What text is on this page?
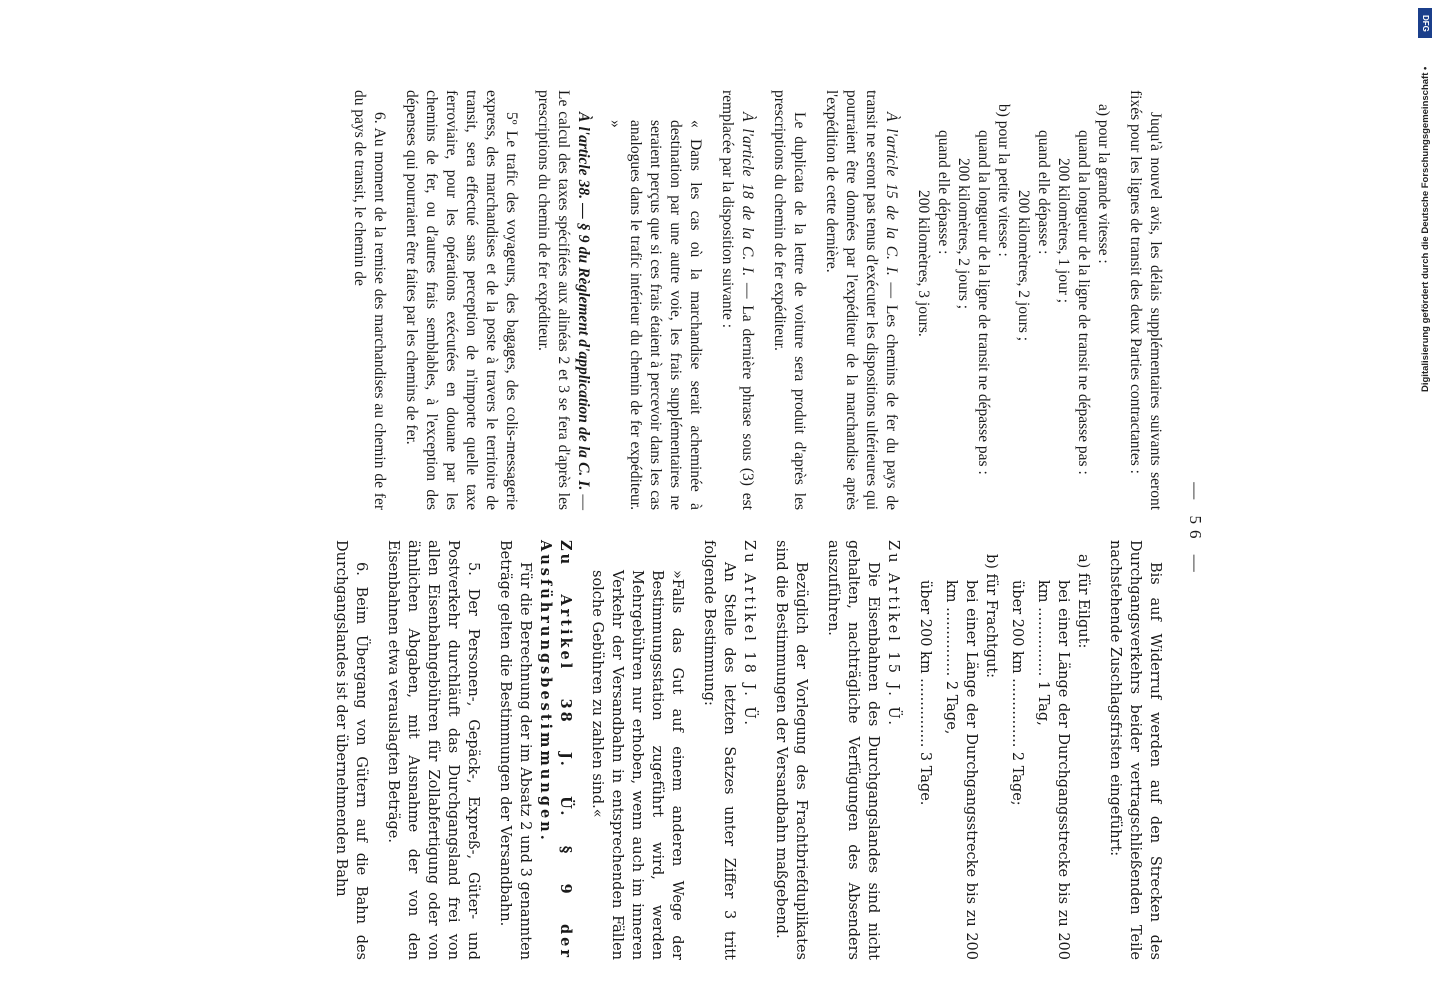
— 56 —

Juqu'à nouvel avis, les délais supplémentaires suivants seront fixés pour les lignes de transit des deux Parties contractantes :

a) pour la grande vitesse :
quand la longueur de la ligne de transit ne dépasse pas :
200 kilomètres, 1 jour ;
quand elle dépasse :
200 kilomètres, 2 jours ;
b) pour la petite vitesse :
quand la longueur de la ligne de transit ne dépasse pas :
200 kilomètres, 2 jours ;
quand elle dépasse :
200 kilomètres, 3 jours.

À l'article 15 de la C. I. — Les chemins de fer du pays de transit ne seront pas tenus d'exécuter les dispositions ultérieures qui pourraient être données par l'expéditeur de la marchandise après l'expédition de cette dernière.

Le duplicata de la lettre de voiture sera produit d'après les prescriptions du chemin de fer expéditeur.

À l'article 18 de la C. I. — La dernière phrase sous (3) est remplacée par la disposition suivante :

« Dans les cas où la marchandise serait acheminée à destination par une autre voie, les frais supplémentaires ne seraient perçus que si ces frais étaient à percevoir dans les cas analogues dans le trafic intérieur du chemin de fer expéditeur. »

À l'article 38. — § 9 du Règlement d'application de la C. I. — Le calcul des taxes spécifiées aux alinéas 2 et 3 se fera d'après les prescriptions du chemin de fer expéditeur.

5º Le trafic des voyageurs, des bagages, des colis-messagerie express, des marchandises et de la poste à travers le territoire de transit, sera effectué sans perception de n'importe quelle taxe ferroviaire, pour les opérations exécutées en douane par les chemins de fer, ou d'autres frais semblables, à l'exception des dépenses qui pourraient être faites par les chemins de fer.

6. Au moment de la remise des marchandises au chemin de fer du pays de transit, le chemin de

Bis auf Widerruf werden auf den Strecken des Durchgangsverkehrs beider vertragschließenden Teile nachstehende Zuschlagsfristen eingeführt:

a) für Eilgut:
bei einer Länge der Durchgangsstrecke bis zu 200 km ............... 1 Tag,
über 200 km ............... 2 Tage;
b) für Frachtgut:
bei einer Länge der Durchgangsstrecke bis zu 200 km ............... 2 Tage,
über 200 km ............... 3 Tage.

Zu Artikel 15 J. Ü.

Die Eisenbahnen des Durchgangslandes sind nicht gehalten, nachträgliche Verfügungen des Absenders auszuführen.

Bezüglich der Vorlegung des Frachtbriefduplikates sind die Bestimmungen der Versandbahn maßgebend.

Zu Artikel 18 J. Ü.

An Stelle des letzten Satzes unter Ziffer 3 tritt folgende Bestimmung:

»Falls das Gut auf einem anderen Wege der Bestimmungsstation zugeführt wird, werden Mehrgebühren nur erhoben, wenn auch im inneren Verkehr der Versandbahn in entsprechenden Fällen solche Gebühren zu zahlen sind.«

Zu Artikel 38 J. Ü. § 9 der Ausführungsbestimmungen.

Für die Berechnung der im Absatz 2 und 3 genannten Beträge gelten die Bestimmungen der Versandbahn.

5. Der Personen-, Gepäck-, Expreß-, Güter- und Postverkehr durchläuft das Durchgangsland frei von allen Eisenbahngebühren für Zollabfertigung oder von ähnlichen Abgaben, mit Ausnahme der von den Eisenbahnen etwa verauslagten Beträge.

6. Beim Übergang von Gütern auf die Bahn des Durchgangslandes ist der übernehmenden Bahn

DFG
Digitalisierung gefördert durch die Deutsche Forschungsgemeinschaft •
